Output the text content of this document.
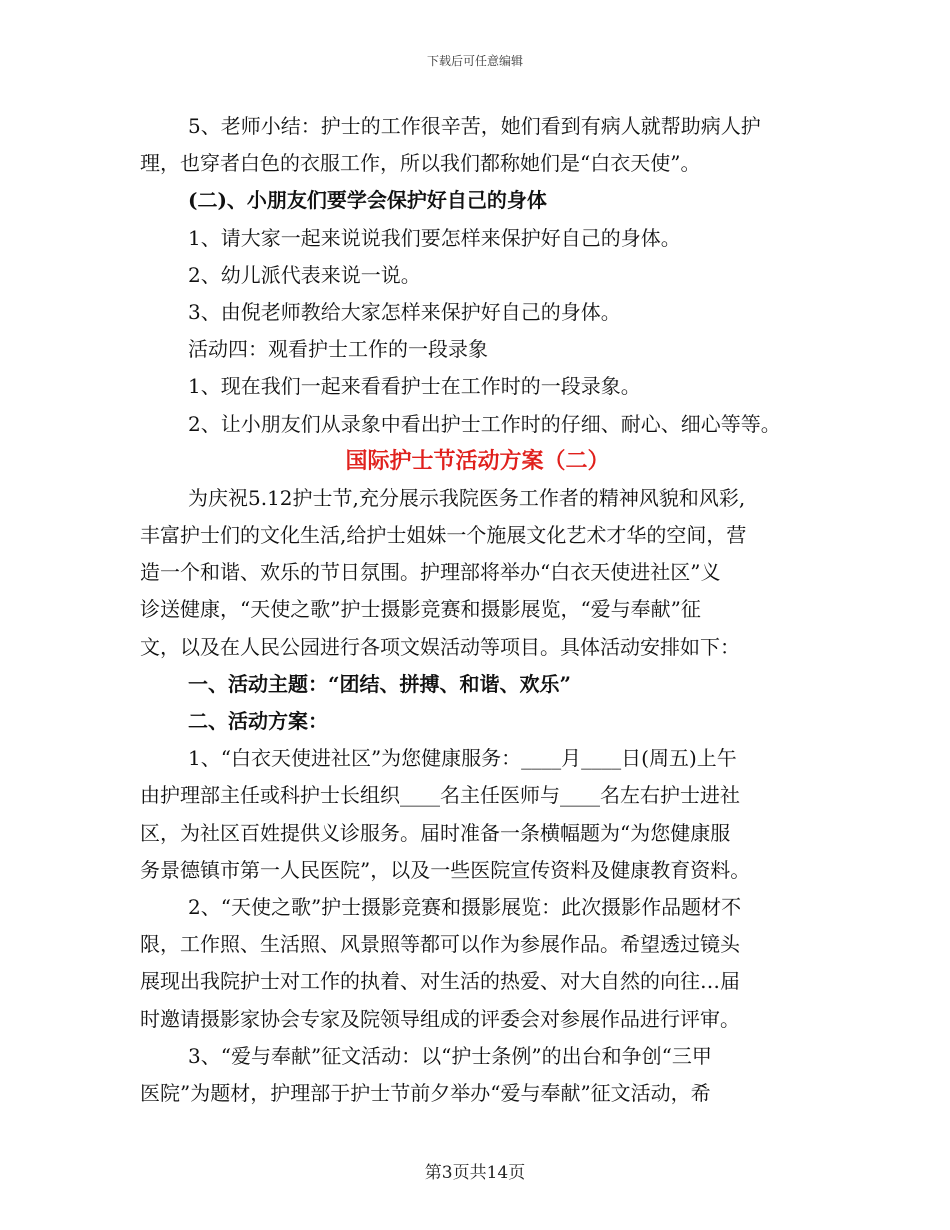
下载后可任意编辑
5、老师小结：护士的工作很辛苦，她们看到有病人就帮助病人护
理，也穿者白色的衣服工作，所以我们都称她们是“白衣天使”。
(二)、小朋友们要学会保护好自己的身体
1、请大家一起来说说我们要怎样来保护好自己的身体。
2、幼儿派代表来说一说。
3、由倪老师教给大家怎样来保护好自己的身体。
活动四：观看护士工作的一段录象
1、现在我们一起来看看护士在工作时的一段录象。
2、让小朋友们从录象中看出护士工作时的仔细、耐心、细心等等。
国际护士节活动方案（二）
为庆祝5.12护士节,充分展示我院医务工作者的精神风貌和风彩,
丰富护士们的文化生活,给护士姐妹一个施展文化艺术才华的空间，营
造一个和谐、欢乐的节日氛围。护理部将举办“白衣天使进社区”义
诊送健康，“天使之歌”护士摄影竞赛和摄影展览，“爱与奉献”征
文，以及在人民公园进行各项文娱活动等项目。具体活动安排如下：
一、活动主题：“团结、拼搏、和谐、欢乐”
二、活动方案：
1、“白衣天使进社区”为您健康服务：____月____日(周五)上午
由护理部主任或科护士长组织____名主任医师与____名左右护士进社
区，为社区百姓提供义诊服务。届时准备一条横幅题为“为您健康服
务景德镇市第一人民医院”，以及一些医院宣传资料及健康教育资料。
2、“天使之歌”护士摄影竞赛和摄影展览：此次摄影作品题材不
限，工作照、生活照、风景照等都可以作为参展作品。希望透过镜头
展现出我院护士对工作的执着、对生活的热爱、对大自然的向往…届
时邀请摄影家协会专家及院领导组成的评委会对参展作品进行评审。
3、“爱与奉献”征文活动：以“护士条例”的出台和争创“三甲
医院”为题材，护理部于护士节前夕举办“爱与奉献”征文活动，希
第3页共14页
